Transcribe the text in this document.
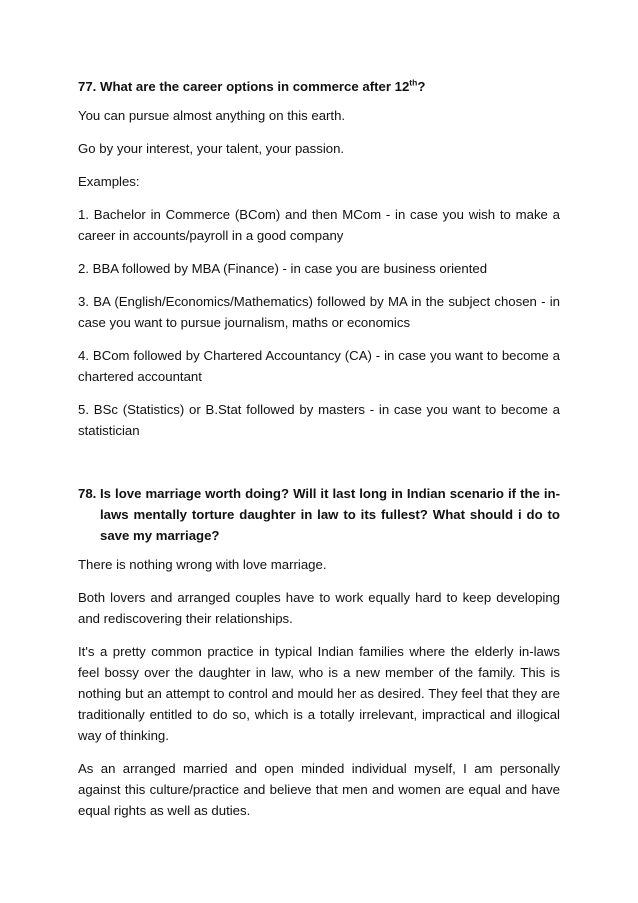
77. What are the career options in commerce after 12th?

You can pursue almost anything on this earth.

Go by your interest, your talent, your passion.

Examples:

1. Bachelor in Commerce (BCom) and then MCom - in case you wish to make a career in accounts/payroll in a good company

2. BBA followed by MBA (Finance) - in case you are business oriented

3. BA (English/Economics/Mathematics) followed by MA in the subject chosen - in case you want to pursue journalism, maths or economics

4. BCom followed by Chartered Accountancy (CA) - in case you want to become a chartered accountant

5. BSc (Statistics) or B.Stat followed by masters - in case you want to become a statistician

78. Is love marriage worth doing? Will it last long in Indian scenario if the in-laws mentally torture daughter in law to its fullest? What should i do to save my marriage?

There is nothing wrong with love marriage.

Both lovers and arranged couples have to work equally hard to keep developing and rediscovering their relationships.

It's a pretty common practice in typical Indian families where the elderly in-laws feel bossy over the daughter in law, who is a new member of the family. This is nothing but an attempt to control and mould her as desired. They feel that they are traditionally entitled to do so, which is a totally irrelevant, impractical and illogical way of thinking.

As an arranged married and open minded individual myself, I am personally against this culture/practice and believe that men and women are equal and have equal rights as well as duties.
